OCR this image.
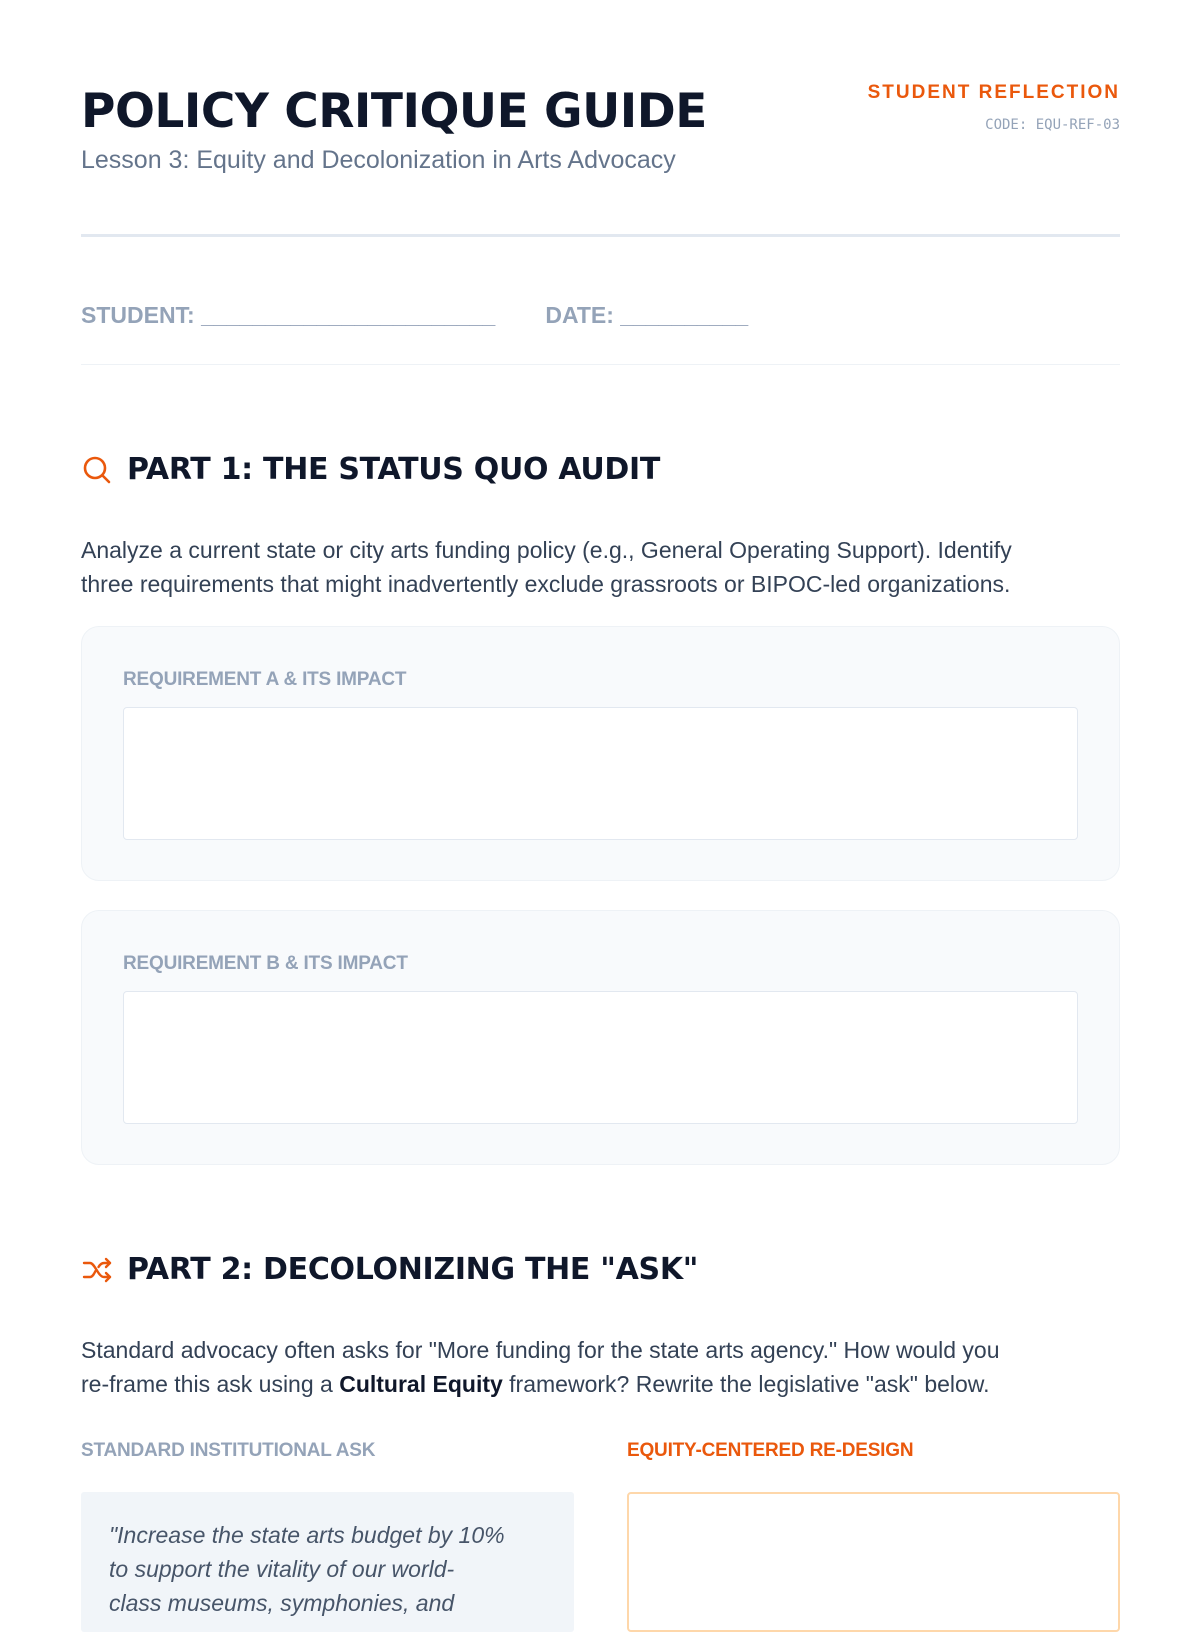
POLICY CRITIQUE GUIDE
Lesson 3: Equity and Decolonization in Arts Advocacy
STUDENT REFLECTION
CODE: EQU-REF-03
STUDENT: _______________________ DATE: __________
PART 1: THE STATUS QUO AUDIT
Analyze a current state or city arts funding policy (e.g., General Operating Support). Identify
three requirements that might inadvertently exclude grassroots or BIPOC-led organizations.
REQUIREMENT A & ITS IMPACT
REQUIREMENT B & ITS IMPACT
PART 2: DECOLONIZING THE "ASK"
Standard advocacy often asks for "More funding for the state arts agency." How would you
re-frame this ask using a Cultural Equity framework? Rewrite the legislative "ask" below.
STANDARD INSTITUTIONAL ASK	EQUITY-CENTERED RE-DESIGN
"Increase the state arts budget by 10%
to support the vitality of our world-
class museums, symphonies, and
